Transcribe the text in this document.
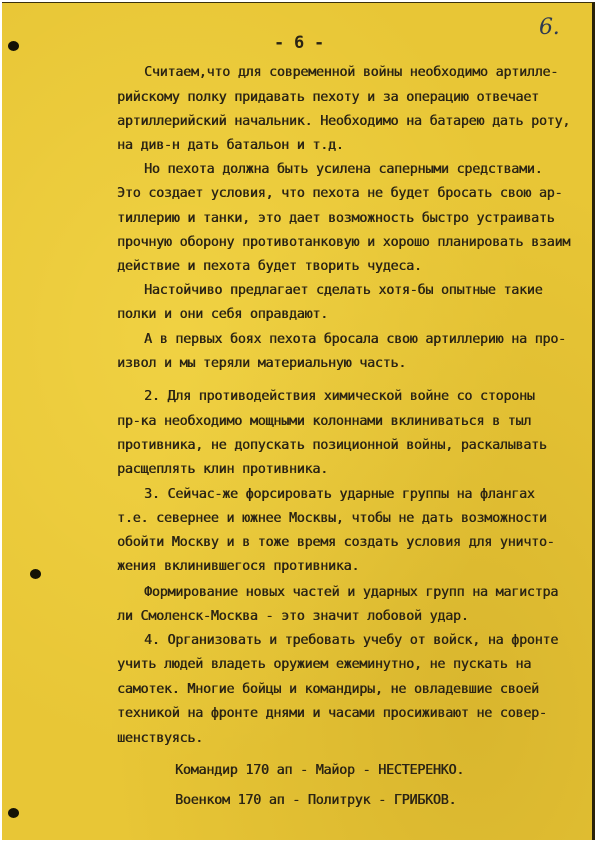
- 6 -
6.
Считаем,что для современной войны необходимо артилле-
рийскому полку придавать пехоту и за операцию отвечает
артиллерийский начальник. Необходимо на батарею дать роту,
на див-н дать батальон и т.д.
Но пехота должна быть усилена саперными средствами.
Это создает условия, что пехота не будет бросать свою ар-
тиллерию и танки, это дает возможность быстро устраивать
прочную оборону противотанковую и хорошо планировать взаим
действие и пехота будет творить чудеса.
Настойчиво предлагает сделать хотя-бы опытные такие
полки и они себя оправдают.
А в первых боях пехота бросала свою артиллерию на про-
извол и мы теряли материальную часть.
2. Для противодействия химической войне со стороны
пр-ка необходимо мощными колоннами вклиниваться в тыл
противника, не допускать позиционной войны, раскалывать
расщеплять клин противника.
3. Сейчас-же форсировать ударные группы на флангах
т.е. севернее и южнее Москвы, чтобы не дать возможности
обойти Москву и в тоже время создать условия для уничто-
жения вклинившегося противника.
Формирование новых частей и ударных групп на магистра
ли Смоленск-Москва - это значит лобовой удар.
4. Организовать и требовать учебу от войск, на фронте
учить людей владеть оружием ежеминутно, не пускать на
самотек. Многие бойцы и командиры, не овладевшие своей
техникой на фронте днями и часами просиживают не совер-
шенствуясь.
Командир 170 ап - Майор - НЕСТЕРЕНКО.
Военком 170 ап - Политрук - ГРИБКОВ.
